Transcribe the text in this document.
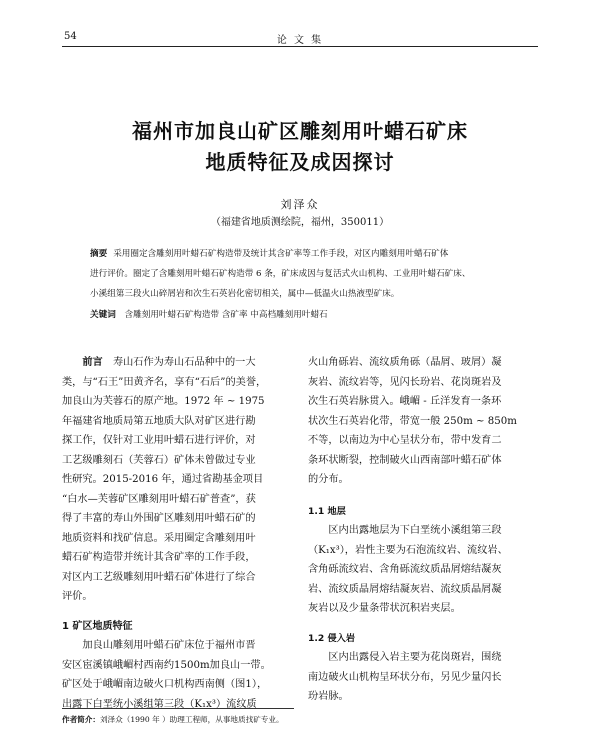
54	论 文 集
福州市加良山矿区雕刻用叶蜡石矿床
地质特征及成因探讨
刘泽众
（福建省地质测绘院，福州，350011）
摘要 采用圈定含雕刻用叶蜡石矿构造带及统计其含矿率等工作手段，对区内雕刻用叶蜡石矿体
进行评价。圈定了含雕刻用叶蜡石矿构造带 6 条，矿床成因与复活式火山机构、工业用叶蜡石矿床、
小溪组第三段火山碎屑岩和次生石英岩化密切相关，属中—低温火山热液型矿床。
关键词 含雕刻用叶蜡石矿构造带 含矿率 中高档雕刻用叶蜡石
　　前言　 寿山石作为寿山石品种中的一大
类，与“石王”田黄齐名，享有“石后”的美誉，
加良山为芙蓉石的原产地。1972 年 ~ 1975
年福建省地质局第五地质大队对矿区进行勘
探工作，仅针对工业用叶蜡石进行评价，对
工艺级雕刻石（芙蓉石）矿体未曾做过专业
性研究。2015-2016 年，通过省勘基金项目
“白水—芙蓉矿区雕刻用叶蜡石矿普查”，获
得了丰富的寿山外围矿区雕刻用叶蜡石矿的
地质资料和找矿信息。采用圈定含雕刻用叶
蜡石矿构造带并统计其含矿率的工作手段，
对区内工艺级雕刻用叶蜡石矿体进行了综合
评价。
1 矿区地质特征
　　加良山雕刻用叶蜡石矿床位于福州市晋
安区宦溪镇峨嵋村西南约1500m加良山一带。
矿区处于峨嵋南边破火口机构西南侧（图1），
出露下白垩统小溪组第三段（K₁x³）流纹质
火山角砾岩、流纹质角砾（晶屑、玻屑）凝
灰岩、流纹岩等，见闪长玢岩、花岗斑岩及
次生石英岩脉贯入。峨嵋 - 丘洋发育一条环
状次生石英岩化带，带宽一般 250m ~ 850m
不等，以南边为中心呈状分布，带中发育二
条环状断裂，控制破火山西南部叶蜡石矿体
的分布。
1.1 地层
　　区内出露地层为下白垩统小溪组第三段
（K₁x³），岩性主要为石泡流纹岩、流纹岩、
含角砾流纹岩、含角砾流纹质晶屑熔结凝灰
岩、流纹质晶屑熔结凝灰岩、流纹质晶屑凝
灰岩以及少量条带状沉积岩夹层。
1.2 侵入岩
　　区内出露侵入岩主要为花岗斑岩，围绕
南边破火山机构呈环状分布，另见少量闪长
玢岩脉。
作者简介：刘泽众（1990 年 ）助理工程师，从事地质找矿专业。
